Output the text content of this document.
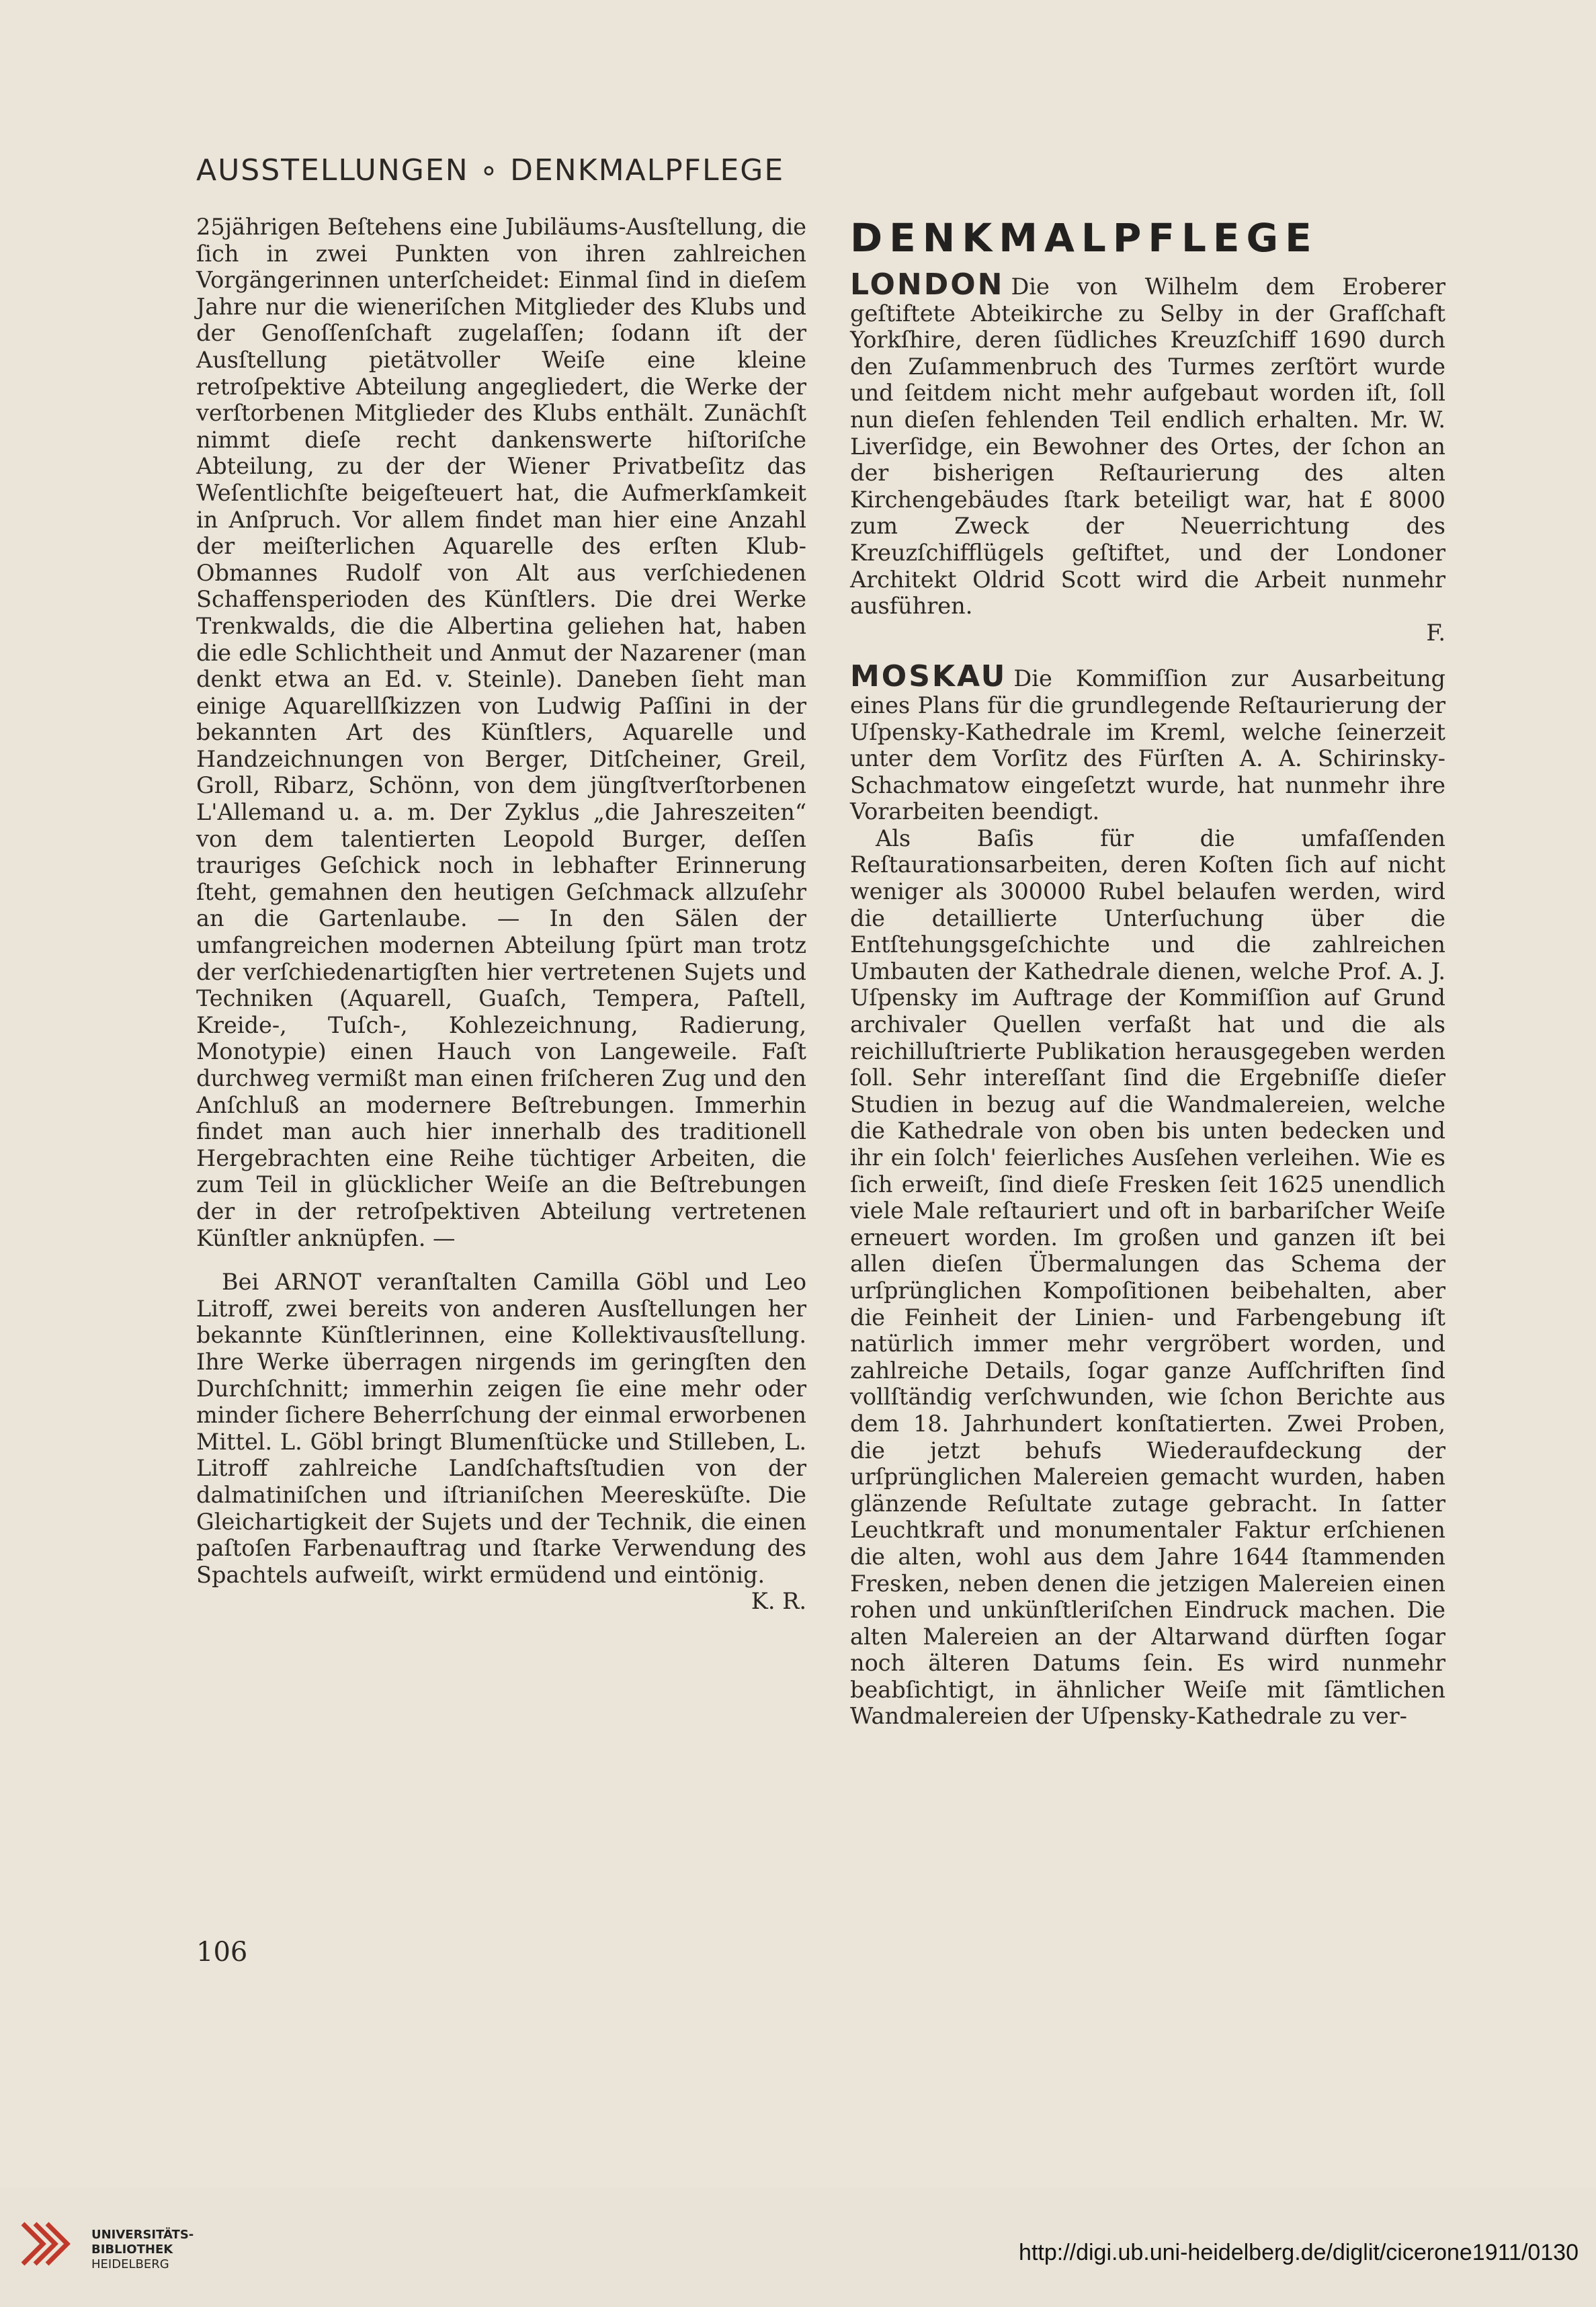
AUSSTELLUNGEN ∘ DENKMALPFLEGE

25jährigen Beſtehens eine Jubiläums-Ausſtellung, die ſich in zwei Punkten von ihren zahlreichen Vorgängerinnen unterſcheidet: Einmal ſind in dieſem Jahre nur die wieneriſchen Mitglieder des Klubs und der Genoſſenſchaft zugelaſſen; ſodann iſt der Ausſtellung pietätvoller Weiſe eine kleine retroſpektive Abteilung angegliedert, die Werke der verſtorbenen Mitglieder des Klubs enthält. Zunächſt nimmt dieſe recht dankenswerte hiſtoriſche Abteilung, zu der der Wiener Privatbeſitz das Weſentlichſte beigeſteuert hat, die Aufmerkſamkeit in Anſpruch. Vor allem findet man hier eine Anzahl der meiſterlichen Aquarelle des erſten Klub-Obmannes Rudolf von Alt aus verſchiedenen Schaffensperioden des Künſtlers. Die drei Werke Trenkwalds, die die Albertina geliehen hat, haben die edle Schlichtheit und Anmut der Nazarener (man denkt etwa an Ed. v. Steinle). Daneben ſieht man einige Aquarellſkizzen von Ludwig Paſſini in der bekannten Art des Künſtlers, Aquarelle und Handzeichnungen von Berger, Ditſcheiner, Greil, Groll, Ribarz, Schönn, von dem jüngſtverſtorbenen L'Allemand u. a. m. Der Zyklus „die Jahreszeiten“ von dem talentierten Leopold Burger, deſſen trauriges Geſchick noch in lebhafter Erinnerung ſteht, gemahnen den heutigen Geſchmack allzuſehr an die Gartenlaube. — In den Sälen der umfangreichen modernen Abteilung ſpürt man trotz der verſchiedenartigſten hier vertretenen Sujets und Techniken (Aquarell, Guaſch, Tempera, Paſtell, Kreide-, Tuſch-, Kohlezeichnung, Radierung, Monotypie) einen Hauch von Langeweile. Faſt durchweg vermißt man einen friſcheren Zug und den Anſchluß an modernere Beſtrebungen. Immerhin findet man auch hier innerhalb des traditionell Hergebrachten eine Reihe tüchtiger Arbeiten, die zum Teil in glücklicher Weiſe an die Beſtrebungen der in der retroſpektiven Abteilung vertretenen Künſtler anknüpfen. —

Bei ARNOT veranſtalten Camilla Göbl und Leo Litroff, zwei bereits von anderen Ausſtellungen her bekannte Künſtlerinnen, eine Kollektivausſtellung. Ihre Werke überragen nirgends im geringſten den Durchſchnitt; immerhin zeigen ſie eine mehr oder minder ſichere Beherrſchung der einmal erworbenen Mittel. L. Göbl bringt Blumenſtücke und Stilleben, L. Litroff zahlreiche Landſchaftsſtudien von der dalmatiniſchen und iſtrianiſchen Meeresküſte. Die Gleichartigkeit der Sujets und der Technik, die einen paſtoſen Farbenauftrag und ſtarke Verwendung des Spachtels aufweiſt, wirkt ermüdend und eintönig.

K. R.

DENKMALPFLEGE

LONDON Die von Wilhelm dem Eroberer geſtiftete Abteikirche zu Selby in der Grafſchaft Yorkſhire, deren ſüdliches Kreuzſchiff 1690 durch den Zuſammenbruch des Turmes zerſtört wurde und ſeitdem nicht mehr aufgebaut worden iſt, ſoll nun dieſen fehlenden Teil endlich erhalten. Mr. W. Liverſidge, ein Bewohner des Ortes, der ſchon an der bisherigen Reſtaurierung des alten Kirchengebäudes ſtark beteiligt war, hat £ 8000 zum Zweck der Neuerrichtung des Kreuzſchifflügels geſtiftet, und der Londoner Architekt Oldrid Scott wird die Arbeit nunmehr ausführen.

F.

MOSKAU Die Kommiſſion zur Ausarbeitung eines Plans für die grundlegende Reſtaurierung der Uſpensky-Kathedrale im Kreml, welche ſeinerzeit unter dem Vorſitz des Fürſten A. A. Schirinsky-Schachmatow eingeſetzt wurde, hat nunmehr ihre Vorarbeiten beendigt.

Als Baſis für die umfaſſenden Reſtaurationsarbeiten, deren Koſten ſich auf nicht weniger als 300000 Rubel belaufen werden, wird die detaillierte Unterſuchung über die Entſtehungsgeſchichte und die zahlreichen Umbauten der Kathedrale dienen, welche Prof. A. J. Uſpensky im Auftrage der Kommiſſion auf Grund archivaler Quellen verfaßt hat und die als reichilluſtrierte Publikation herausgegeben werden ſoll. Sehr intereſſant ſind die Ergebniſſe dieſer Studien in bezug auf die Wandmalereien, welche die Kathedrale von oben bis unten bedecken und ihr ein ſolch' feierliches Ausſehen verleihen. Wie es ſich erweiſt, ſind dieſe Fresken ſeit 1625 unendlich viele Male reſtauriert und oft in barbariſcher Weiſe erneuert worden. Im großen und ganzen iſt bei allen dieſen Übermalungen das Schema der urſprünglichen Kompoſitionen beibehalten, aber die Feinheit der Linien- und Farbengebung iſt natürlich immer mehr vergröbert worden, und zahlreiche Details, ſogar ganze Aufſchriften ſind vollſtändig verſchwunden, wie ſchon Berichte aus dem 18. Jahrhundert konſtatierten. Zwei Proben, die jetzt behufs Wiederaufdeckung der urſprünglichen Malereien gemacht wurden, haben glänzende Reſultate zutage gebracht. In ſatter Leuchtkraft und monumentaler Faktur erſchienen die alten, wohl aus dem Jahre 1644 ſtammenden Fresken, neben denen die jetzigen Malereien einen rohen und unkünſtleriſchen Eindruck machen. Die alten Malereien an der Altarwand dürften ſogar noch älteren Datums ſein. Es wird nunmehr beabſichtigt, in ähnlicher Weiſe mit ſämtlichen Wandmalereien der Uſpensky-Kathedrale zu ver-

106
UNIVERSITÄTS-
BIBLIOTHEK
HEIDELBERG	http://digi.ub.uni-heidelberg.de/diglit/cicerone1911/0130
